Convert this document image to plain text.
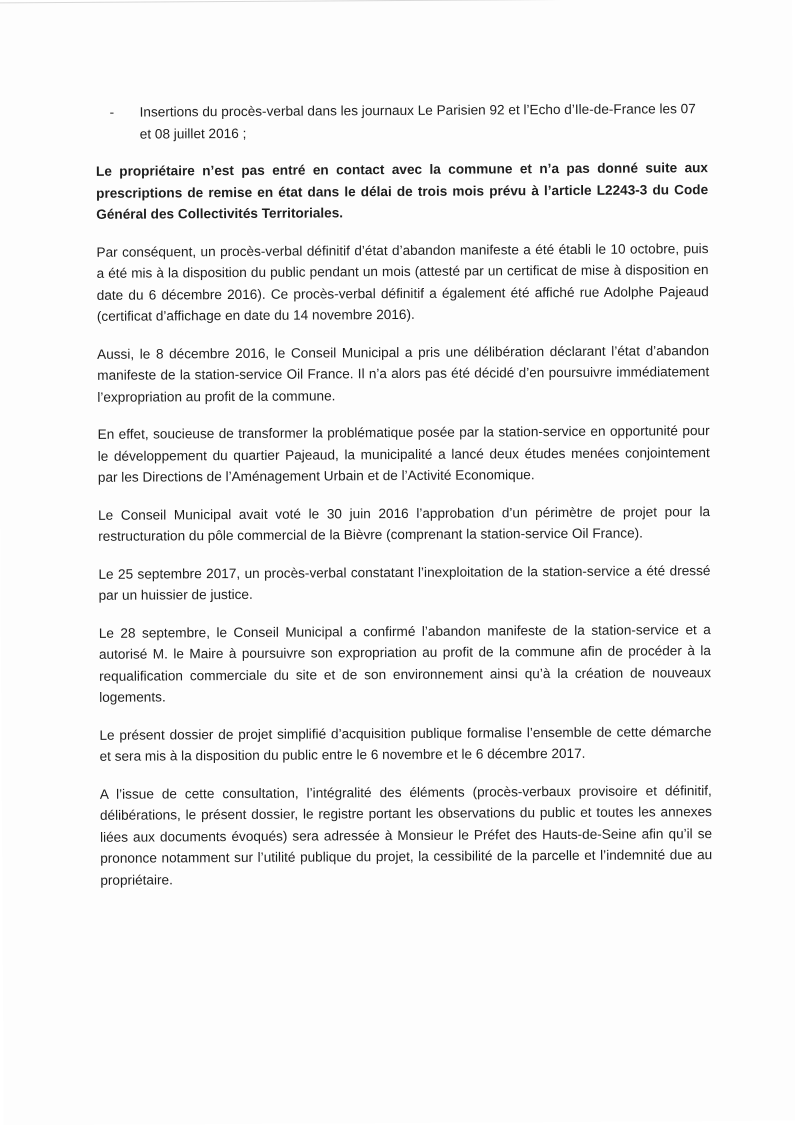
- Insertions du procès-verbal dans les journaux Le Parisien 92 et l’Echo d’Ile-de-France les 07 et 08 juillet 2016 ;

Le propriétaire n’est pas entré en contact avec la commune et n’a pas donné suite aux prescriptions de remise en état dans le délai de trois mois prévu à l’article L2243-3 du Code Général des Collectivités Territoriales.

Par conséquent, un procès-verbal définitif d’état d’abandon manifeste a été établi le 10 octobre, puis a été mis à la disposition du public pendant un mois (attesté par un certificat de mise à disposition en date du 6 décembre 2016). Ce procès-verbal définitif a également été affiché rue Adolphe Pajeaud (certificat d’affichage en date du 14 novembre 2016).

Aussi, le 8 décembre 2016, le Conseil Municipal a pris une délibération déclarant l’état d’abandon manifeste de la station-service Oil France. Il n’a alors pas été décidé d’en poursuivre immédiatement l’expropriation au profit de la commune.

En effet, soucieuse de transformer la problématique posée par la station-service en opportunité pour le développement du quartier Pajeaud, la municipalité a lancé deux études menées conjointement par les Directions de l’Aménagement Urbain et de l’Activité Economique.

Le Conseil Municipal avait voté le 30 juin 2016 l’approbation d’un périmètre de projet pour la restructuration du pôle commercial de la Bièvre (comprenant la station-service Oil France).

Le 25 septembre 2017, un procès-verbal constatant l’inexploitation de la station-service a été dressé par un huissier de justice.

Le 28 septembre, le Conseil Municipal a confirmé l’abandon manifeste de la station-service et a autorisé M. le Maire à poursuivre son expropriation au profit de la commune afin de procéder à la requalification commerciale du site et de son environnement ainsi qu’à la création de nouveaux logements.

Le présent dossier de projet simplifié d’acquisition publique formalise l’ensemble de cette démarche et sera mis à la disposition du public entre le 6 novembre et le 6 décembre 2017.

A l’issue de cette consultation, l’intégralité des éléments (procès-verbaux provisoire et définitif, délibérations, le présent dossier, le registre portant les observations du public et toutes les annexes liées aux documents évoqués) sera adressée à Monsieur le Préfet des Hauts-de-Seine afin qu’il se prononce notamment sur l’utilité publique du projet, la cessibilité de la parcelle et l’indemnité due au propriétaire.
